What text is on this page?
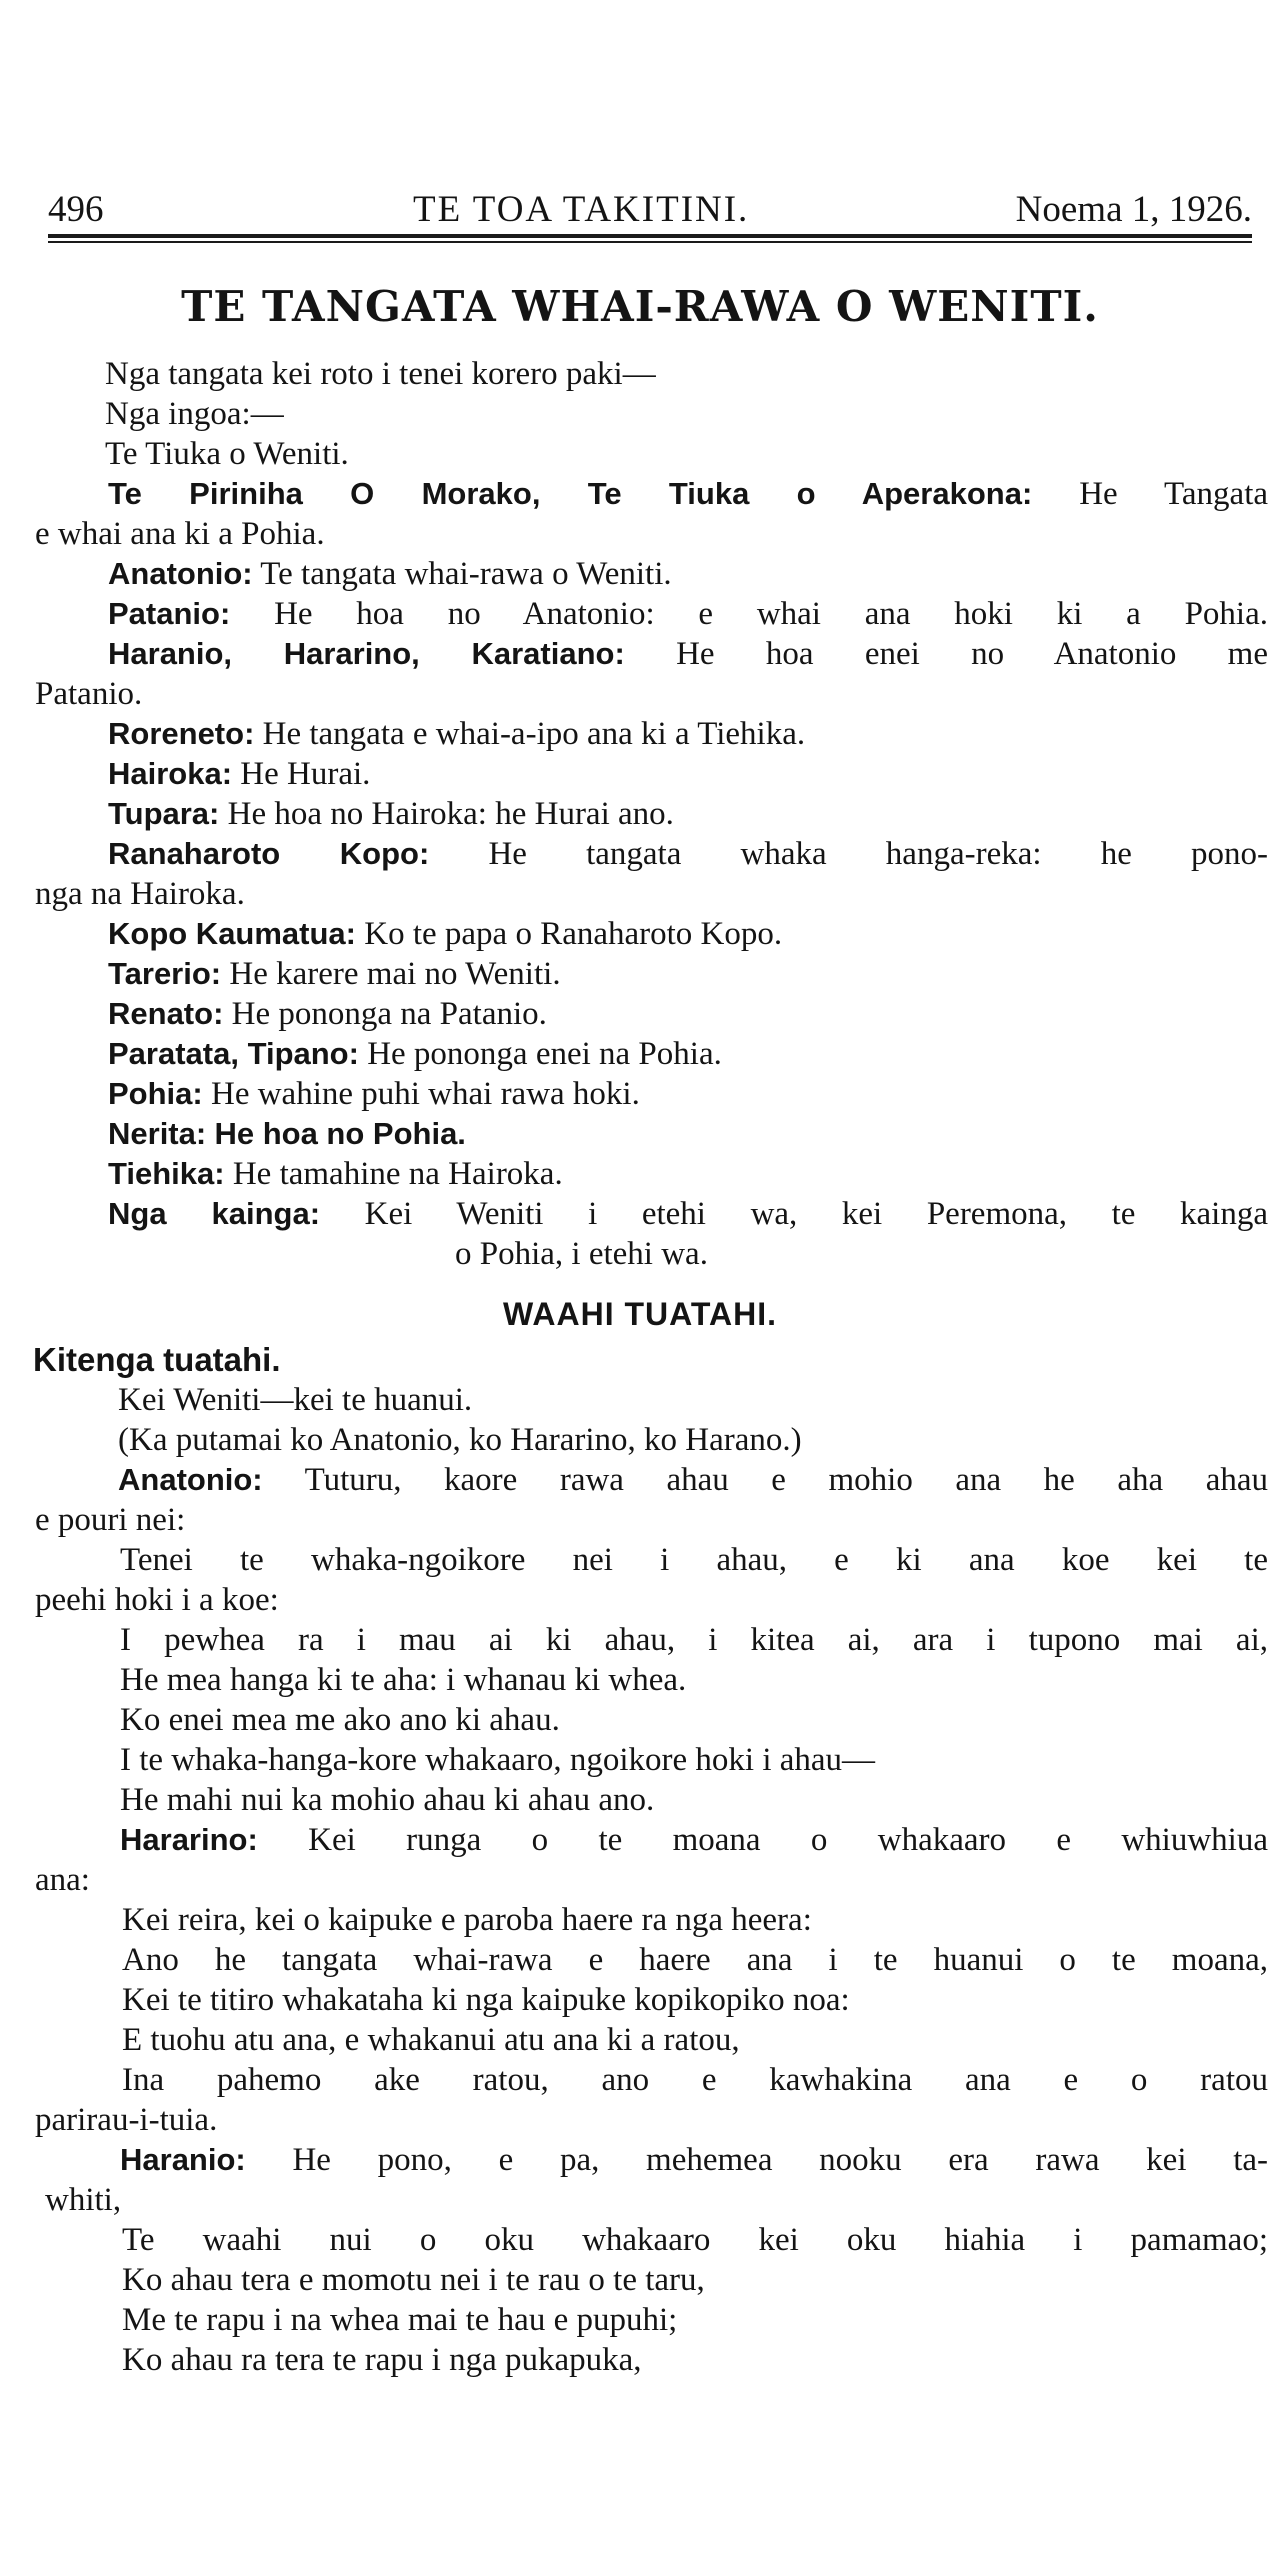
496	TE TOA TAKITINI.	Noema 1, 1926.
TE TANGATA WHAI-RAWA O WENITI.
Nga tangata kei roto i tenei korero paki—
Nga ingoa:—
Te Tiuka o Weniti.
Te Piriniha O Morako, Te Tiuka o Aperakona: He Tangata
e whai ana ki a Pohia.
Anatonio: Te tangata whai-rawa o Weniti.
Patanio: He hoa no Anatonio: e whai ana hoki ki a Pohia.
Haranio, Hararino, Karatiano: He hoa enei no Anatonio me
Patanio.
Roreneto: He tangata e whai-a-ipo ana ki a Tiehika.
Hairoka: He Hurai.
Tupara: He hoa no Hairoka: he Hurai ano.
Ranaharoto Kopo: He tangata whaka hanga-reka: he pono-
nga na Hairoka.
Kopo Kaumatua: Ko te papa o Ranaharoto Kopo.
Tarerio: He karere mai no Weniti.
Renato: He pononga na Patanio.
Paratata, Tipano: He ponongа enei na Pohia.
Pohia: He wahine puhi whai rawa hoki.
Nerita: He hoa no Pohia.
Tiehika: He tamahine na Hairoka.
Nga kainga: Kei Weniti i etehi wa, kei Peremona, te kainga
o Pohia, i etehi wa.
WAAHI TUATAHI.
Kitenga tuatahi.
Kei Weniti—kei te huanui.
(Ka putamai ko Anatonio, ko Hararino, ko Harano.)
Anatonio: Tuturu, kaore rawa ahau e mohio ana he aha ahau
e pouri nei:
Tenei te whaka-ngoikore nei i ahau, e ki ana koe kei te
peehi hoki i a koe:
I pewhea ra i mau ai ki ahau, i kitea ai, ara i tupono mai ai,
He mea hanga ki te aha: i whanau ki whea.
Ko enei mea me ako ano ki ahau.
I te whaka-hanga-kore whakaaro, ngoikore hoki i ahau—
He mahi nui ka mohio ahau ki ahau ano.
Hararino: Kei runga o te moana o whakaaro e whiuwhiua
ana:
Kei reira, kei o kaipuke e paroba haere ra nga heera:
Ano he tangata whai-rawa e haere ana i te huanui o te moana,
Kei te titiro whakataha ki nga kaipuke kopikopiko noa:
E tuohu atu ana, e whakanui atu ana ki a ratou,
Ina pahemo ake ratou, ano e kawhakina ana e o ratou
parirau-i-tuia.
Haranio: He pono, e pa, mehemea nooku era rawa kei ta-
whiti,
Te waahi nui o oku whakaaro kei oku hiahia i pamamao;
Ko ahau tera e momotu nei i te rau o te taru,
Me te rapu i na whea mai te hau e pupuhi;
Ko ahau ra tera te rapu i nga pukapuka,
